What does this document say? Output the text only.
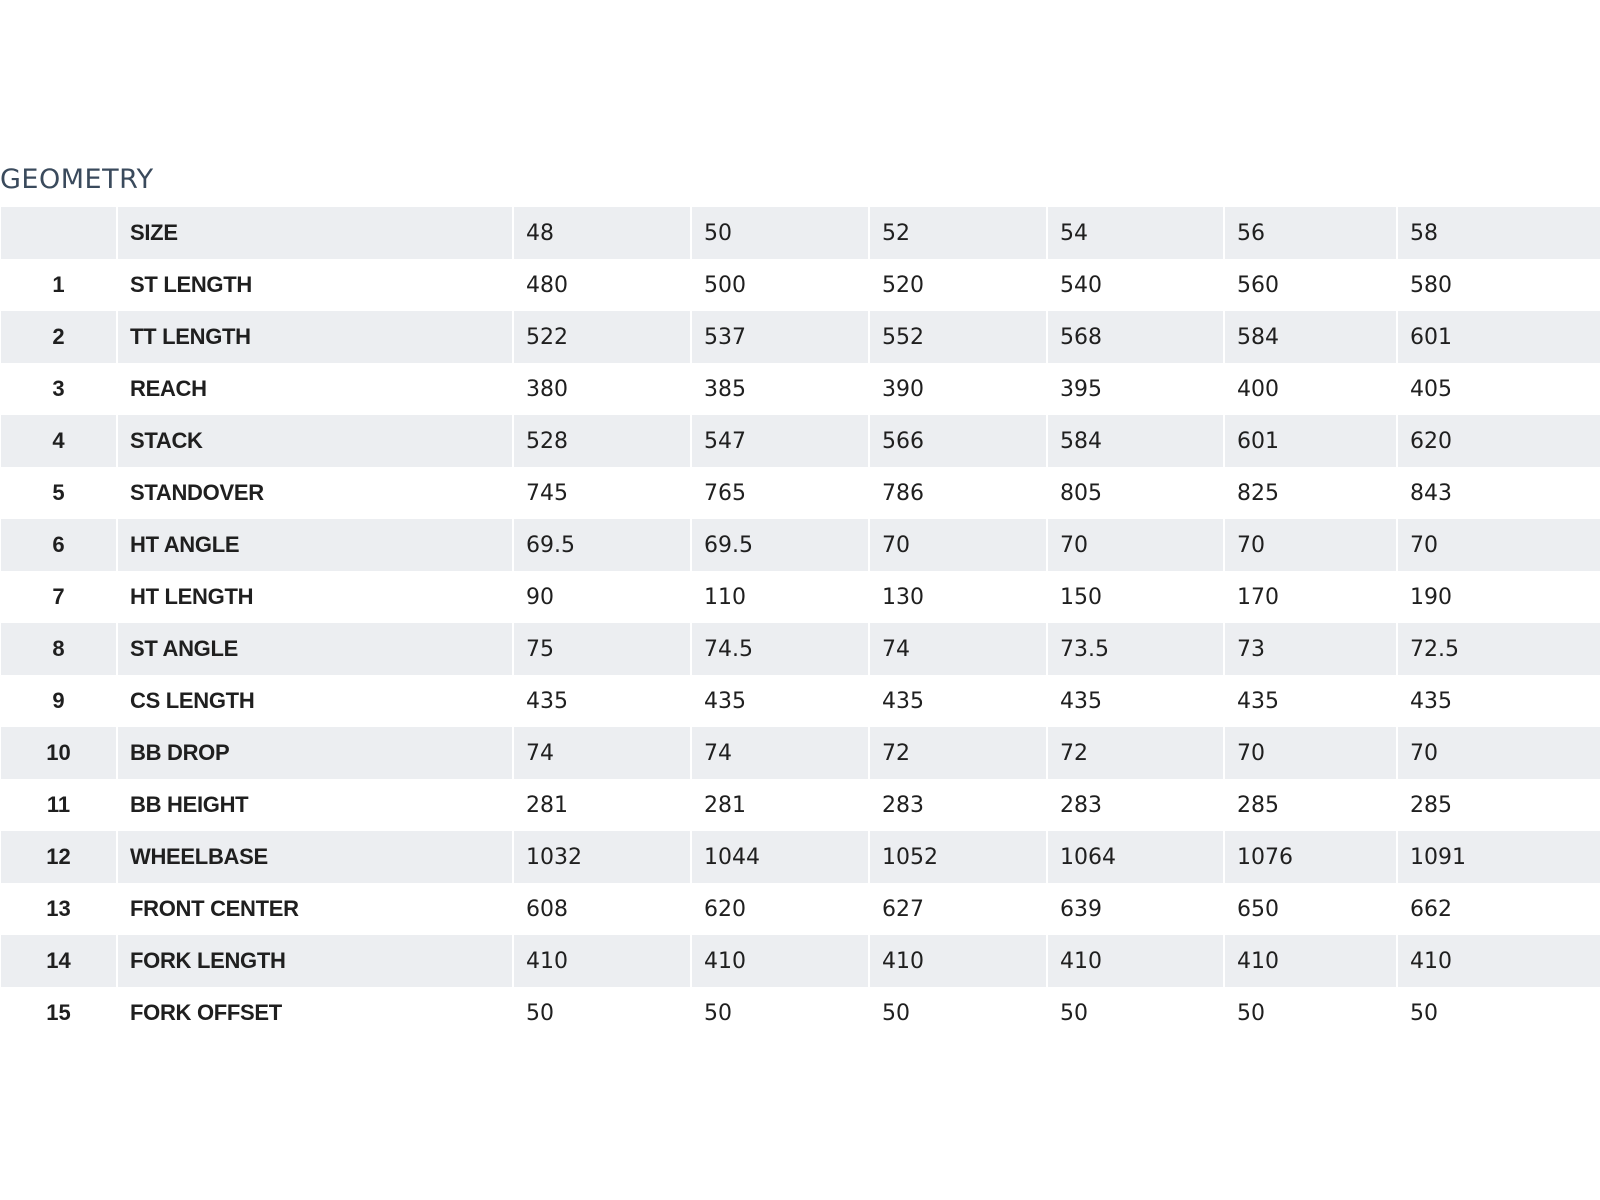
GEOMETRY
	SIZE	48	50	52	54	56	58
1	ST LENGTH	480	500	520	540	560	580
2	TT LENGTH	522	537	552	568	584	601
3	REACH	380	385	390	395	400	405
4	STACK	528	547	566	584	601	620
5	STANDOVER	745	765	786	805	825	843
6	HT ANGLE	69.5	69.5	70	70	70	70
7	HT LENGTH	90	110	130	150	170	190
8	ST ANGLE	75	74.5	74	73.5	73	72.5
9	CS LENGTH	435	435	435	435	435	435
10	BB DROP	74	74	72	72	70	70
11	BB HEIGHT	281	281	283	283	285	285
12	WHEELBASE	1032	1044	1052	1064	1076	1091
13	FRONT CENTER	608	620	627	639	650	662
14	FORK LENGTH	410	410	410	410	410	410
15	FORK OFFSET	50	50	50	50	50	50
